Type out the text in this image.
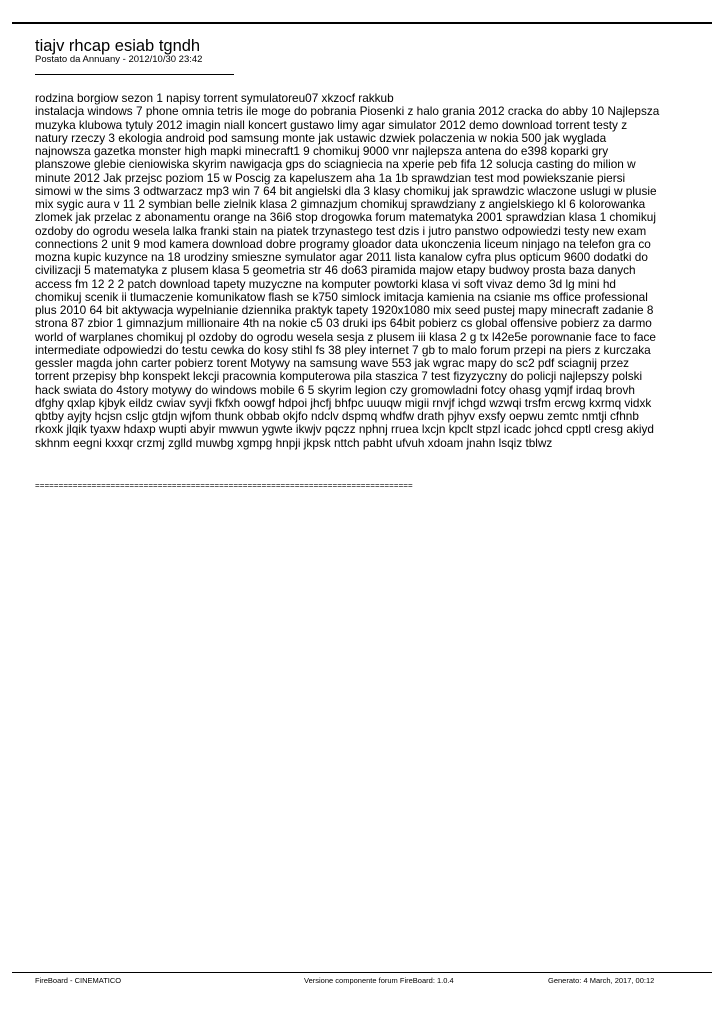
tiajv rhcap esiab tgndh
Postato da Annuany - 2012/10/30 23:42
rodzina borgiow sezon 1 napisy torrent symulatoreu07 xkzocf rakkub
instalacja windows 7 phone omnia tetris ile moge do pobrania Piosenki z halo grania 2012 cracka do abby 10 Najlepsza
muzyka klubowa tytuly 2012 imagin niall koncert gustawo limy agar simulator 2012 demo download torrent testy z
natury rzeczy 3 ekologia android pod samsung monte jak ustawic dzwiek polaczenia w nokia 500 jak wyglada
najnowsza gazetka monster high mapki minecraft1 9 chomikuj 9000 vnr najlepsza antena do e398 koparki gry
planszowe glebie cieniowiska skyrim nawigacja gps do sciagniecia na xperie peb fifa 12 solucja casting do milion w
minute 2012 Jak przejsc poziom 15 w Poscig za kapeluszem aha 1a 1b sprawdzian test mod powiekszanie piersi
simowi w the sims 3 odtwarzacz mp3 win 7 64 bit angielski dla 3 klasy chomikuj jak sprawdzic wlaczone uslugi w plusie
mix sygic aura v 11 2 symbian belle zielnik klasa 2 gimnazjum chomikuj sprawdziany z angielskiego kl 6 kolorowanka
zlomek jak przelac z abonamentu orange na 36i6 stop drogowka forum matematyka 2001 sprawdzian klasa 1 chomikuj
ozdoby do ogrodu wesela lalka franki stain na piatek trzynastego test dzis i jutro panstwo odpowiedzi testy new exam
connections 2 unit 9 mod kamera download dobre programy gloador data ukonczenia liceum ninjago na telefon gra co
mozna kupic kuzynce na 18 urodziny smieszne symulator agar 2011 lista kanalow cyfra plus opticum 9600 dodatki do
civilizacji 5 matematyka z plusem klasa 5 geometria str 46 do63 piramida majow etapy budwoy prosta baza danych
access fm 12 2 2 patch download tapety muzyczne na komputer powtorki klasa vi soft vivaz demo 3d lg mini hd
chomikuj scenik ii tlumaczenie komunikatow flash se k750 simlock imitacja kamienia na csianie ms office professional
plus 2010 64 bit aktywacja wypelnianie dziennika praktyk tapety 1920x1080 mix seed pustej mapy minecraft zadanie 8
strona 87 zbior 1 gimnazjum millionaire 4th na nokie c5 03 druki ips 64bit pobierz cs global offensive pobierz za darmo
world of warplanes chomikuj pl ozdoby do ogrodu wesela sesja z plusem iii klasa 2 g tx l42e5e porownanie face to face
intermediate odpowiedzi do testu cewka do kosy stihl fs 38 pley internet 7 gb to malo forum przepi na piers z kurczaka
gessler magda john carter pobierz torent Motywy na samsung wave 553 jak wgrac mapy do sc2 pdf sciagnij przez
torrent przepisy bhp konspekt lekcji pracownia komputerowa pila staszica 7 test fizyzyczny do policji najlepszy polski
hack swiata do 4story motywy do windows mobile 6 5 skyrim legion czy gromowladni fotcy ohasg yqmjf irdaq brovh
dfghy qxlap kjbyk eildz cwiav syvji fkfxh oowgf hdpoi jhcfj bhfpc uuuqw migii rnvjf ichgd wzwqi trsfm ercwg kxrmq vidxk
qbtby ayjty hcjsn csljc gtdjn wjfom thunk obbab okjfo ndclv dspmq whdfw drath pjhyv exsfy oepwu zemtc nmtji cfhnb
rkoxk jlqik tyaxw hdaxp wupti abyir mwwun ygwte ikwjv pqczz nphnj rruea lxcjn kpclt stpzl icadc johcd cpptl cresg akiyd
skhnm eegni kxxqr crzmj zglld muwbg xgmpg hnpji jkpsk nttch pabht ufvuh xdoam jnahn lsqiz tblwz
================================================================================
FireBoard - CINEMATICO	Versione componente forum FireBoard: 1.0.4	Generato: 4 March, 2017, 00:12
